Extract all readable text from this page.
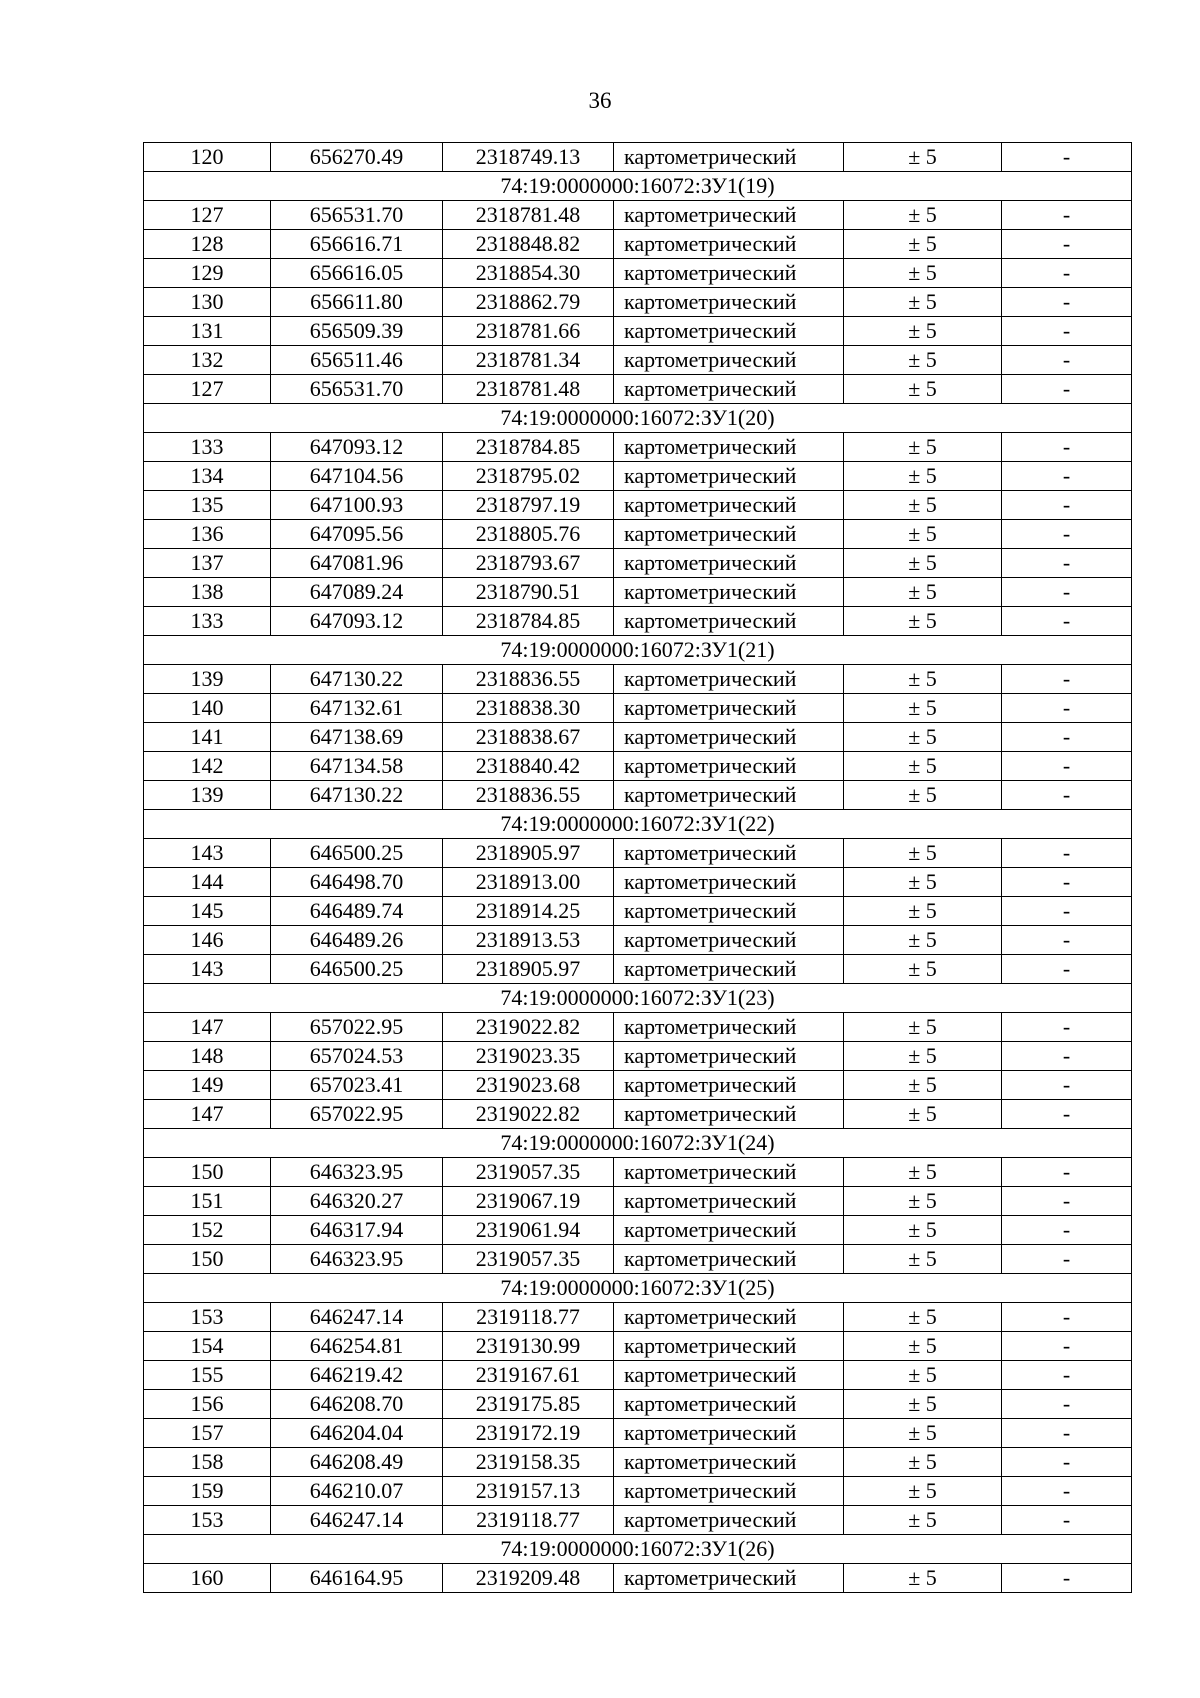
36
120	656270.49	2318749.13	картометрический	± 5	-
74:19:0000000:16072:ЗУ1(19)					
127	656531.70	2318781.48	картометрический	± 5	-
128	656616.71	2318848.82	картометрический	± 5	-
129	656616.05	2318854.30	картометрический	± 5	-
130	656611.80	2318862.79	картометрический	± 5	-
131	656509.39	2318781.66	картометрический	± 5	-
132	656511.46	2318781.34	картометрический	± 5	-
127	656531.70	2318781.48	картометрический	± 5	-
74:19:0000000:16072:ЗУ1(20)					
133	647093.12	2318784.85	картометрический	± 5	-
134	647104.56	2318795.02	картометрический	± 5	-
135	647100.93	2318797.19	картометрический	± 5	-
136	647095.56	2318805.76	картометрический	± 5	-
137	647081.96	2318793.67	картометрический	± 5	-
138	647089.24	2318790.51	картометрический	± 5	-
133	647093.12	2318784.85	картометрический	± 5	-
74:19:0000000:16072:ЗУ1(21)					
139	647130.22	2318836.55	картометрический	± 5	-
140	647132.61	2318838.30	картометрический	± 5	-
141	647138.69	2318838.67	картометрический	± 5	-
142	647134.58	2318840.42	картометрический	± 5	-
139	647130.22	2318836.55	картометрический	± 5	-
74:19:0000000:16072:ЗУ1(22)					
143	646500.25	2318905.97	картометрический	± 5	-
144	646498.70	2318913.00	картометрический	± 5	-
145	646489.74	2318914.25	картометрический	± 5	-
146	646489.26	2318913.53	картометрический	± 5	-
143	646500.25	2318905.97	картометрический	± 5	-
74:19:0000000:16072:ЗУ1(23)					
147	657022.95	2319022.82	картометрический	± 5	-
148	657024.53	2319023.35	картометрический	± 5	-
149	657023.41	2319023.68	картометрический	± 5	-
147	657022.95	2319022.82	картометрический	± 5	-
74:19:0000000:16072:ЗУ1(24)					
150	646323.95	2319057.35	картометрический	± 5	-
151	646320.27	2319067.19	картометрический	± 5	-
152	646317.94	2319061.94	картометрический	± 5	-
150	646323.95	2319057.35	картометрический	± 5	-
74:19:0000000:16072:ЗУ1(25)					
153	646247.14	2319118.77	картометрический	± 5	-
154	646254.81	2319130.99	картометрический	± 5	-
155	646219.42	2319167.61	картометрический	± 5	-
156	646208.70	2319175.85	картометрический	± 5	-
157	646204.04	2319172.19	картометрический	± 5	-
158	646208.49	2319158.35	картометрический	± 5	-
159	646210.07	2319157.13	картометрический	± 5	-
153	646247.14	2319118.77	картометрический	± 5	-
74:19:0000000:16072:ЗУ1(26)					
160	646164.95	2319209.48	картометрический	± 5	-
